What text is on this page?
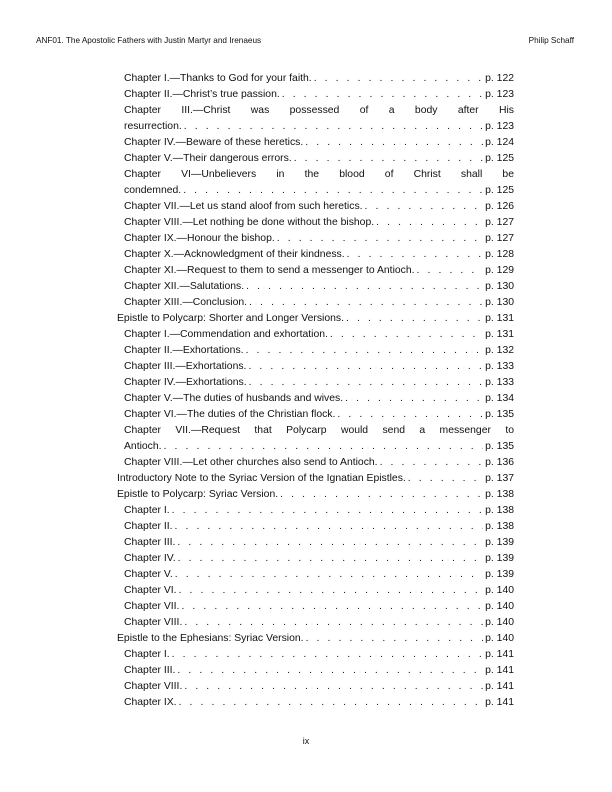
ANF01. The Apostolic Fathers with Justin Martyr and Irenaeus	Philip Schaff
Chapter I.—Thanks to God for your faith. . . .	p. 122
Chapter II.—Christ’s true passion. . . .	p. 123
Chapter III.—Christ was possessed of a body after His
resurrection. . . .	p. 123
Chapter IV.—Beware of these heretics. . . .	p. 124
Chapter V.—Their dangerous errors. . . .	p. 125
Chapter VI—Unbelievers in the blood of Christ shall be
condemned. . . .	p. 125
Chapter VII.—Let us stand aloof from such heretics. . . .	p. 126
Chapter VIII.—Let nothing be done without the bishop. . . .	p. 127
Chapter IX.—Honour the bishop. . . .	p. 127
Chapter X.—Acknowledgment of their kindness. . . .	p. 128
Chapter XI.—Request to them to send a messenger to Antioch. . . .	p. 129
Chapter XII.—Salutations. . . .	p. 130
Chapter XIII.—Conclusion. . . .	p. 130
Epistle to Polycarp: Shorter and Longer Versions. . . .	p. 131
Chapter I.—Commendation and exhortation. . . .	p. 131
Chapter II.—Exhortations. . . .	p. 132
Chapter III.—Exhortations. . . .	p. 133
Chapter IV.—Exhortations. . . .	p. 133
Chapter V.—The duties of husbands and wives. . . .	p. 134
Chapter VI.—The duties of the Christian flock. . . .	p. 135
Chapter VII.—Request that Polycarp would send a messenger to
Antioch. . . .	p. 135
Chapter VIII.—Let other churches also send to Antioch. . . .	p. 136
Introductory Note to the Syriac Version of the Ignatian Epistles. . . .	p. 137
Epistle to Polycarp: Syriac Version. . . .	p. 138
Chapter I. . . .	p. 138
Chapter II. . . .	p. 138
Chapter III. . . .	p. 139
Chapter IV. . . .	p. 139
Chapter V. . . .	p. 139
Chapter VI. . . .	p. 140
Chapter VII. . . .	p. 140
Chapter VIII. . . .	p. 140
Epistle to the Ephesians: Syriac Version. . . .	p. 140
Chapter I. . . .	p. 141
Chapter III. . . .	p. 141
Chapter VIII. . . .	p. 141
Chapter IX. . . .	p. 141
ix
